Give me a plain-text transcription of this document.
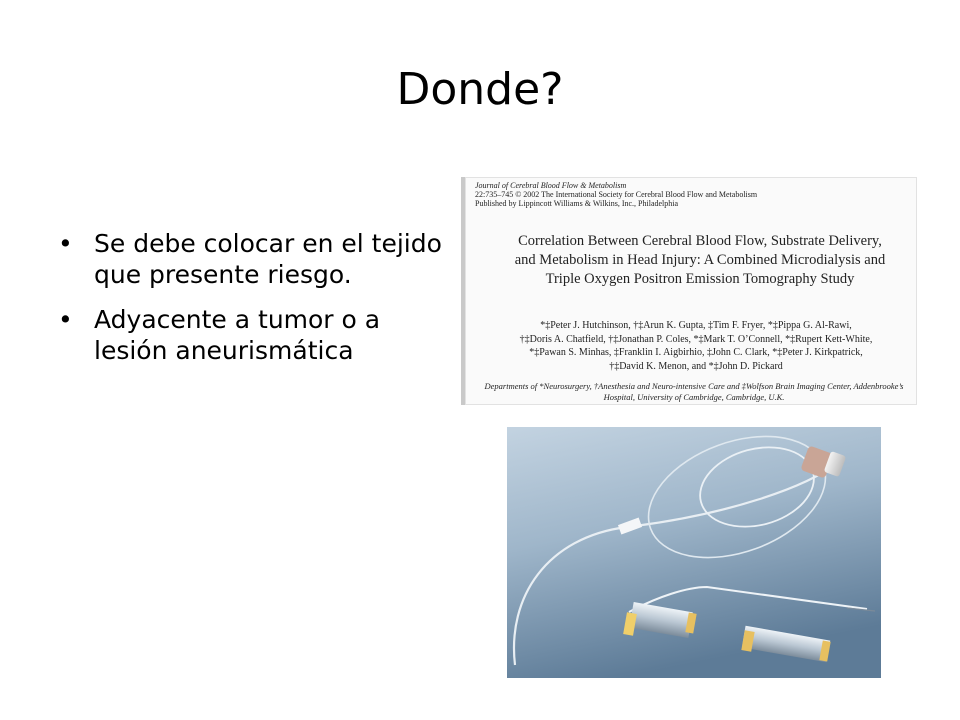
Donde?
• Se debe colocar en el tejido que presente riesgo.
• Adyacente a tumor o a lesión aneurismática
Journal of Cerebral Blood Flow & Metabolism
22:735–745 © 2002 The International Society for Cerebral Blood Flow and Metabolism
Published by Lippincott Williams & Wilkins, Inc., Philadelphia
Correlation Between Cerebral Blood Flow, Substrate Delivery,
and Metabolism in Head Injury: A Combined Microdialysis and
Triple Oxygen Positron Emission Tomography Study
*‡Peter J. Hutchinson, †‡Arun K. Gupta, ‡Tim F. Fryer, *‡Pippa G. Al-Rawi,
†‡Doris A. Chatfield, †‡Jonathan P. Coles, *‡Mark T. O’Connell, *‡Rupert Kett-White,
*‡Pawan S. Minhas, ‡Franklin I. Aigbirhio, ‡John C. Clark, *‡Peter J. Kirkpatrick,
†‡David K. Menon, and *‡John D. Pickard
Departments of *Neurosurgery, †Anesthesia and Neuro-intensive Care and ‡Wolfson Brain Imaging Center, Addenbrooke’s
Hospital, University of Cambridge, Cambridge, U.K.
